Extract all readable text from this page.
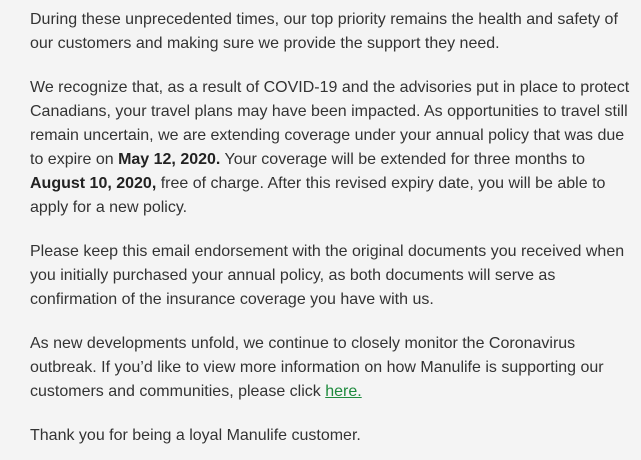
During these unprecedented times, our top priority remains the health and safety of our customers and making sure we provide the support they need.

We recognize that, as a result of COVID-19 and the advisories put in place to protect Canadians, your travel plans may have been impacted. As opportunities to travel still remain uncertain, we are extending coverage under your annual policy that was due to expire on May 12, 2020. Your coverage will be extended for three months to August 10, 2020, free of charge. After this revised expiry date, you will be able to apply for a new policy.

Please keep this email endorsement with the original documents you received when you initially purchased your annual policy, as both documents will serve as confirmation of the insurance coverage you have with us.

As new developments unfold, we continue to closely monitor the Coronavirus outbreak. If you’d like to view more information on how Manulife is supporting our customers and communities, please click here.

Thank you for being a loyal Manulife customer.
